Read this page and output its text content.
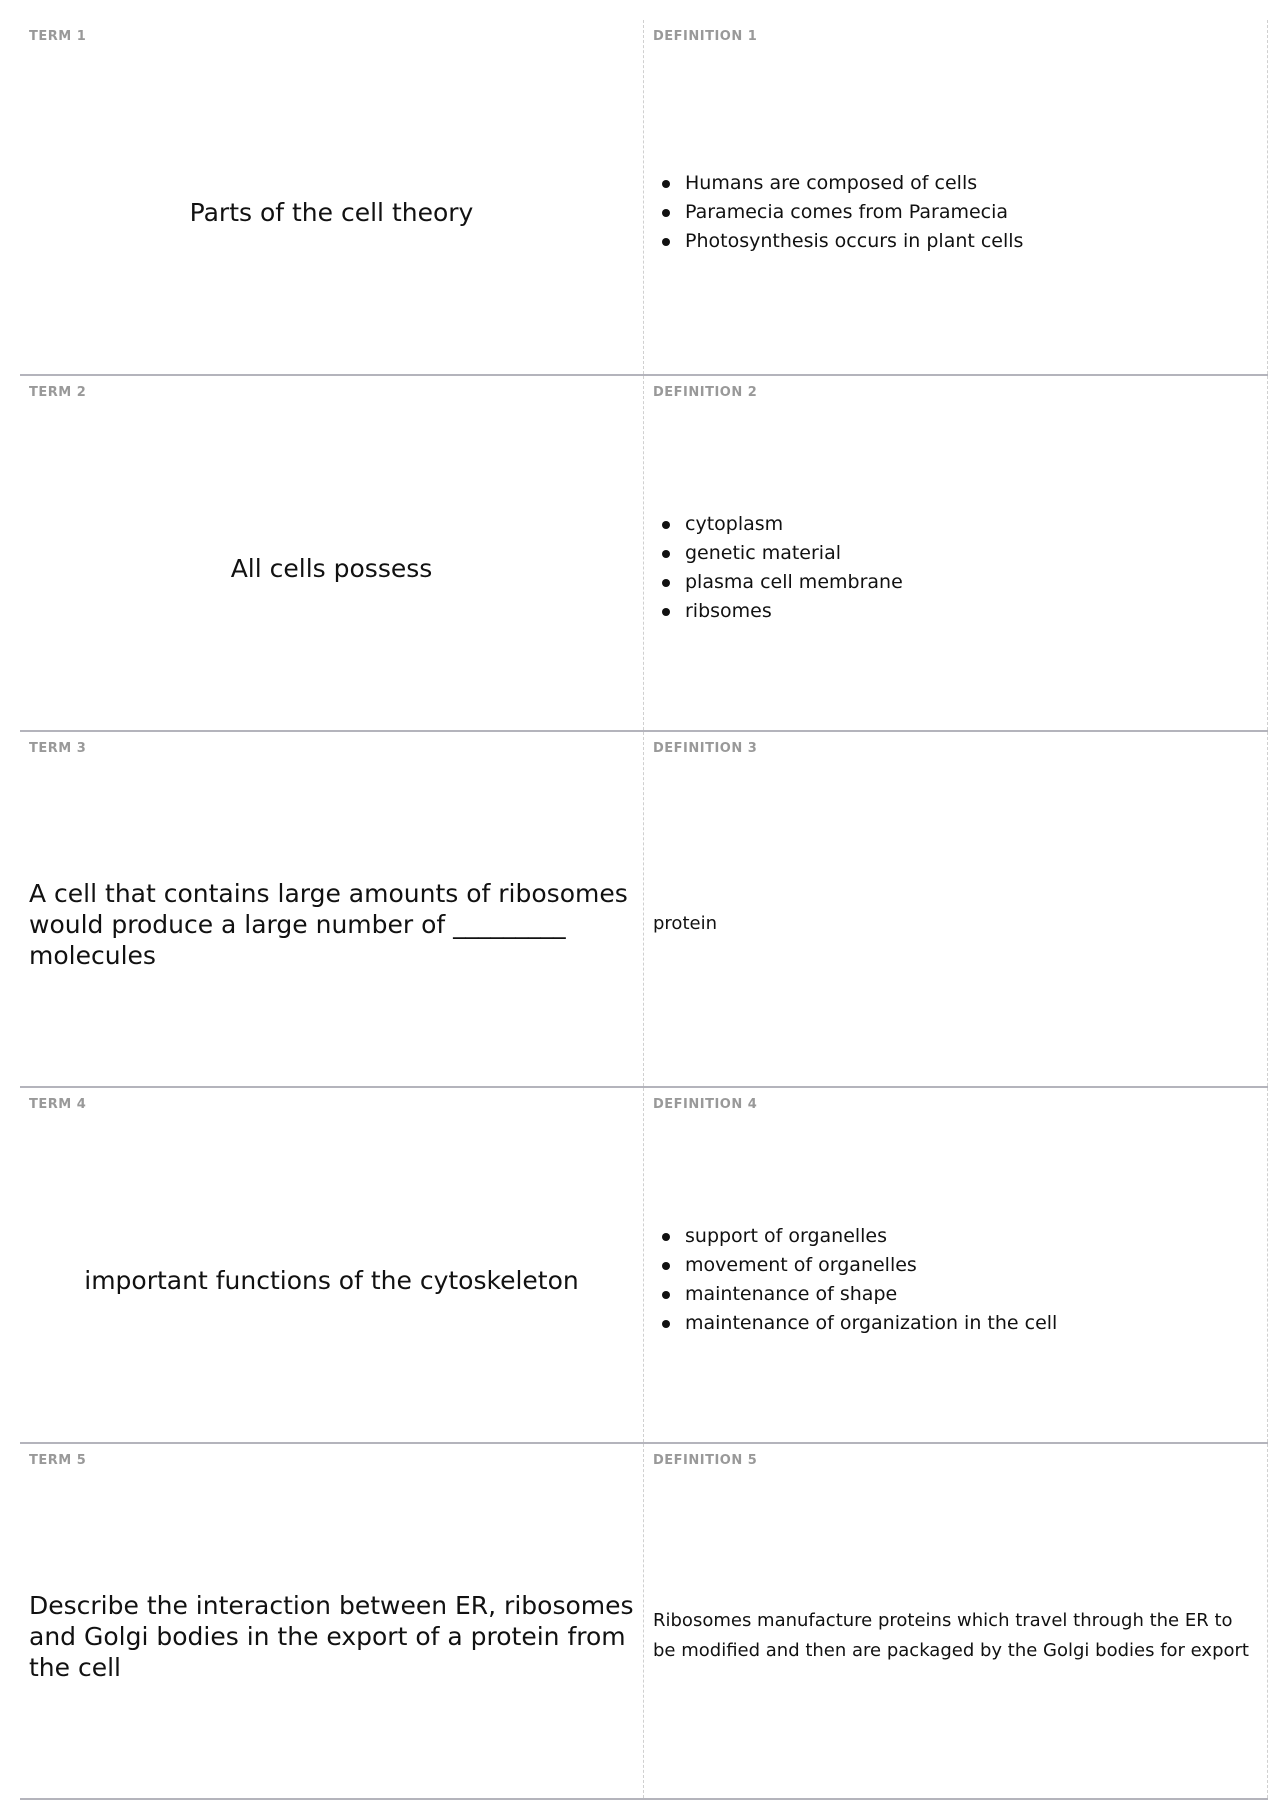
TERM 1
Parts of the cell theory
DEFINITION 1
Humans are composed of cells
Paramecia comes from Paramecia
Photosynthesis occurs in plant cells
TERM 2
All cells possess
DEFINITION 2
cytoplasm
genetic material
plasma cell membrane
ribsomes
TERM 3
A cell that contains large amounts of ribosomes would produce a large number of _________ molecules
DEFINITION 3
protein
TERM 4
important functions of the cytoskeleton
DEFINITION 4
support of organelles
movement of organelles
maintenance of shape
maintenance of organization in the cell
TERM 5
Describe the interaction between ER, ribosomes and Golgi bodies in the export of a protein from the cell
DEFINITION 5
Ribosomes manufacture proteins which travel through the ER to be modified and then are packaged by the Golgi bodies for export
